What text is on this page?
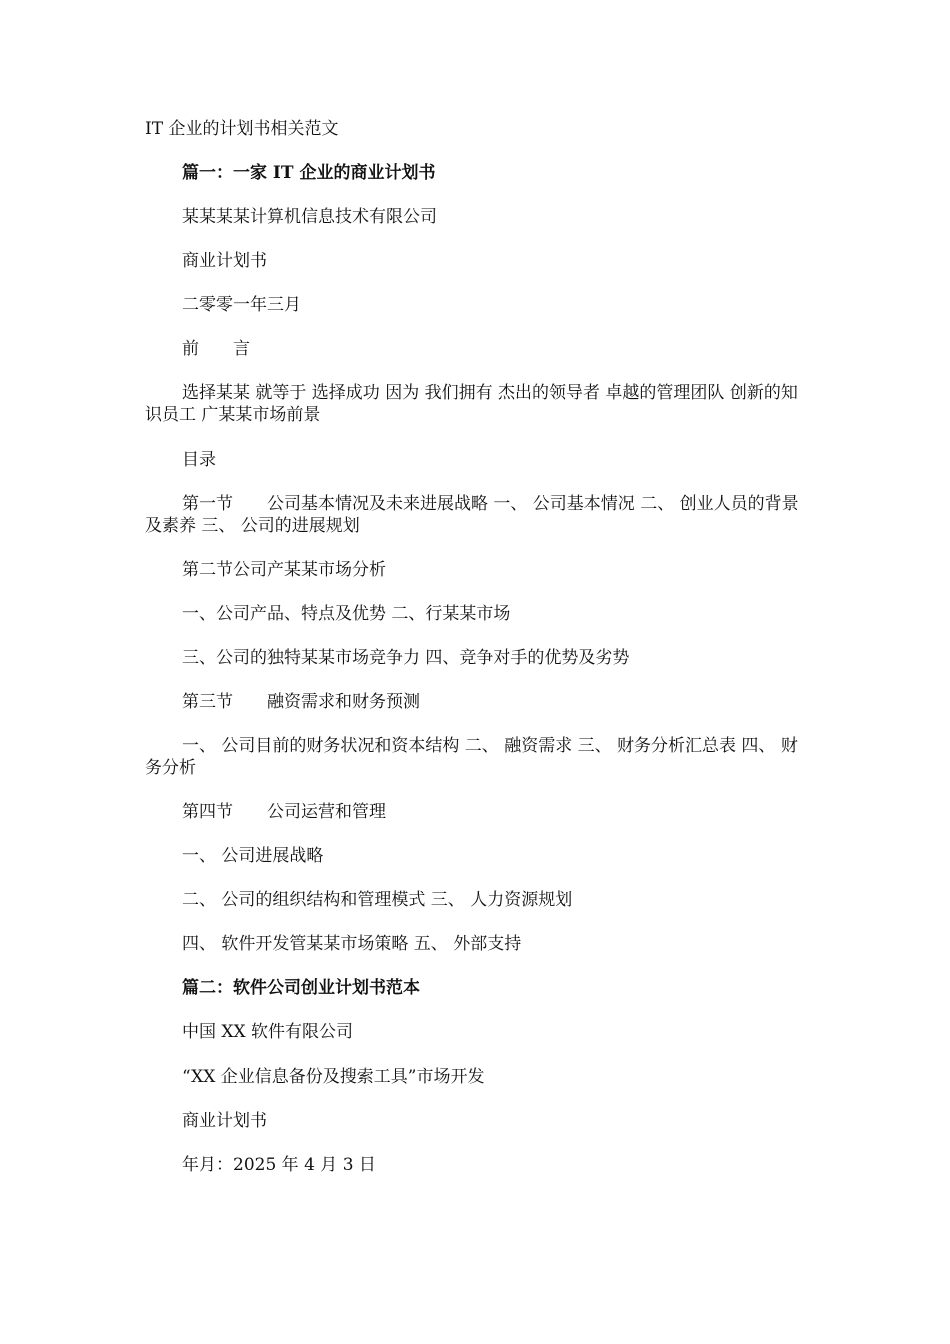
IT 企业的计划书相关范文
篇一：一家 IT 企业的商业计划书
某某某某计算机信息技术有限公司
商业计划书
二零零一年三月
前　　言
选择某某 就等于 选择成功 因为 我们拥有 杰出的领导者 卓越的管理团队 创新的知识员工 广某某市场前景
目录
第一节　　公司基本情况及未来进展战略 一、 公司基本情况 二、 创业人员的背景及素养 三、 公司的进展规划
第二节公司产某某市场分析
一、公司产品、特点及优势 二、行某某市场
三、公司的独特某某市场竞争力 四、竞争对手的优势及劣势
第三节　　融资需求和财务预测
一、 公司目前的财务状况和资本结构 二、 融资需求 三、 财务分析汇总表 四、 财务分析
第四节　　公司运营和管理
一、 公司进展战略
二、 公司的组织结构和管理模式 三、 人力资源规划
四、 软件开发管某某市场策略 五、 外部支持
篇二：软件公司创业计划书范本
中国 XX 软件有限公司
“XX 企业信息备份及搜索工具”市场开发
商业计划书
年月：2025 年 4 月 3 日
